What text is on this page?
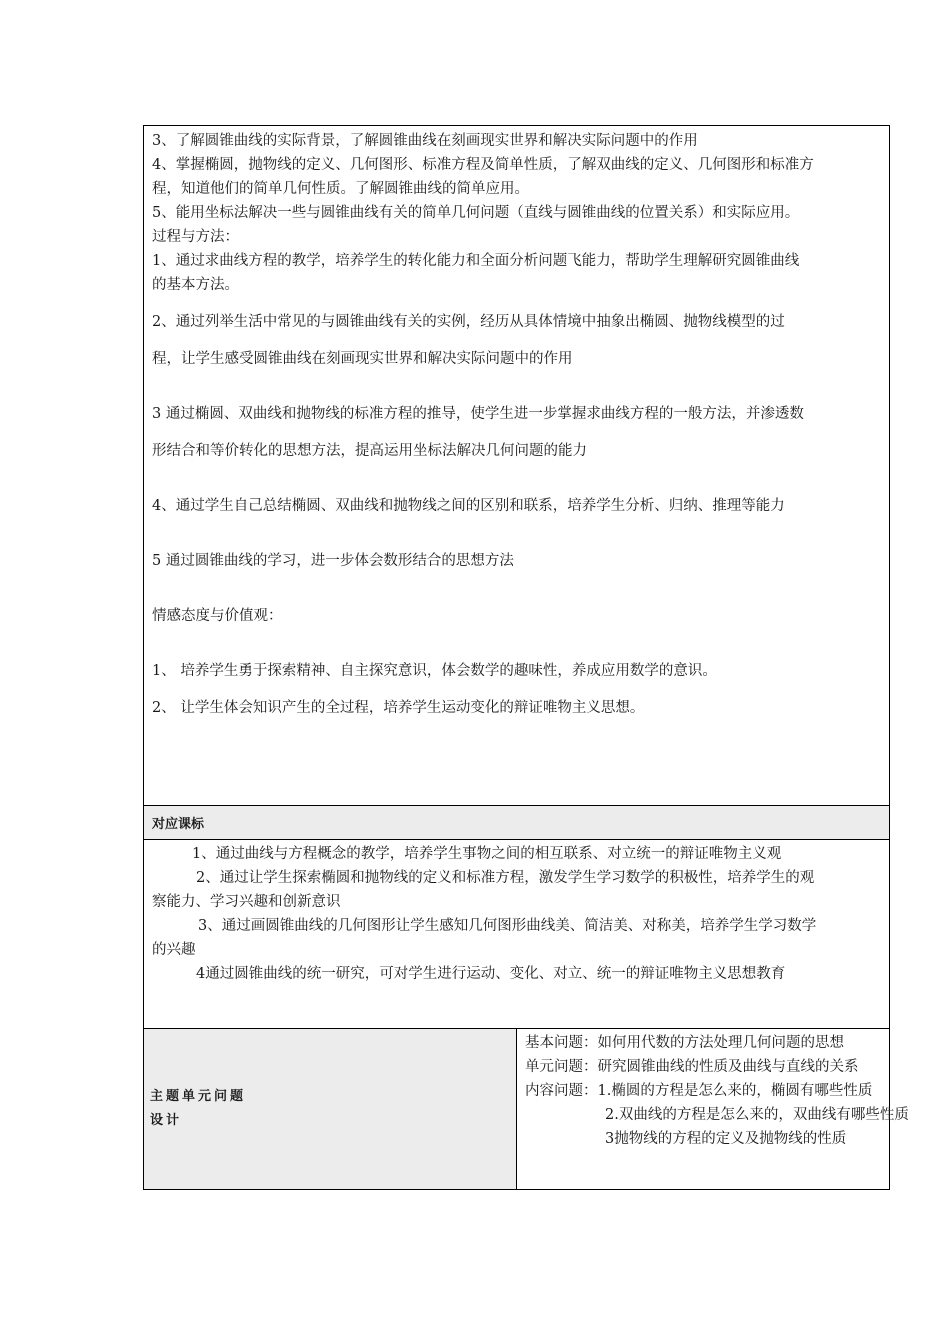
3、了解圆锥曲线的实际背景，了解圆锥曲线在刻画现实世界和解决实际问题中的作用
4、掌握椭圆，抛物线的定义、几何图形、标准方程及简单性质，了解双曲线的定义、几何图形和标准方
程，知道他们的简单几何性质。了解圆锥曲线的简单应用。
5、能用坐标法解决一些与圆锥曲线有关的简单几何问题（直线与圆锥曲线的位置关系）和实际应用。
过程与方法：
1、通过求曲线方程的教学，培养学生的转化能力和全面分析问题飞能力，帮助学生理解研究圆锥曲线
的基本方法。
2、通过列举生活中常见的与圆锥曲线有关的实例，经历从具体情境中抽象出椭圆、抛物线模型的过
程，让学生感受圆锥曲线在刻画现实世界和解决实际问题中的作用
3 通过椭圆、双曲线和抛物线的标准方程的推导，使学生进一步掌握求曲线方程的一般方法，并渗透数
形结合和等价转化的思想方法，提高运用坐标法解决几何问题的能力
4、通过学生自己总结椭圆、双曲线和抛物线之间的区别和联系，培养学生分析、归纳、推理等能力
5 通过圆锥曲线的学习，进一步体会数形结合的思想方法
情感态度与价值观：
1、 培养学生勇于探索精神、自主探究意识，体会数学的趣味性，养成应用数学的意识。
2、 让学生体会知识产生的全过程，培养学生运动变化的辩证唯物主义思想。

对应课标

1、通过曲线与方程概念的教学，培养学生事物之间的相互联系、对立统一的辩证唯物主义观
2、通过让学生探索椭圆和抛物线的定义和标准方程，激发学生学习数学的积极性，培养学生的观
察能力、学习兴趣和创新意识
3、通过画圆锥曲线的几何图形让学生感知几何图形曲线美、简洁美、对称美，培养学生学习数学
的兴趣
4通过圆锥曲线的统一研究，可对学生进行运动、变化、对立、统一的辩证唯物主义思想教育

主题单元问题
设计

基本问题：如何用代数的方法处理几何问题的思想
单元问题：研究圆锥曲线的性质及曲线与直线的关系
内容问题：1.椭圆的方程是怎么来的，椭圆有哪些性质
2.双曲线的方程是怎么来的，双曲线有哪些性质
3抛物线的方程的定义及抛物线的性质
